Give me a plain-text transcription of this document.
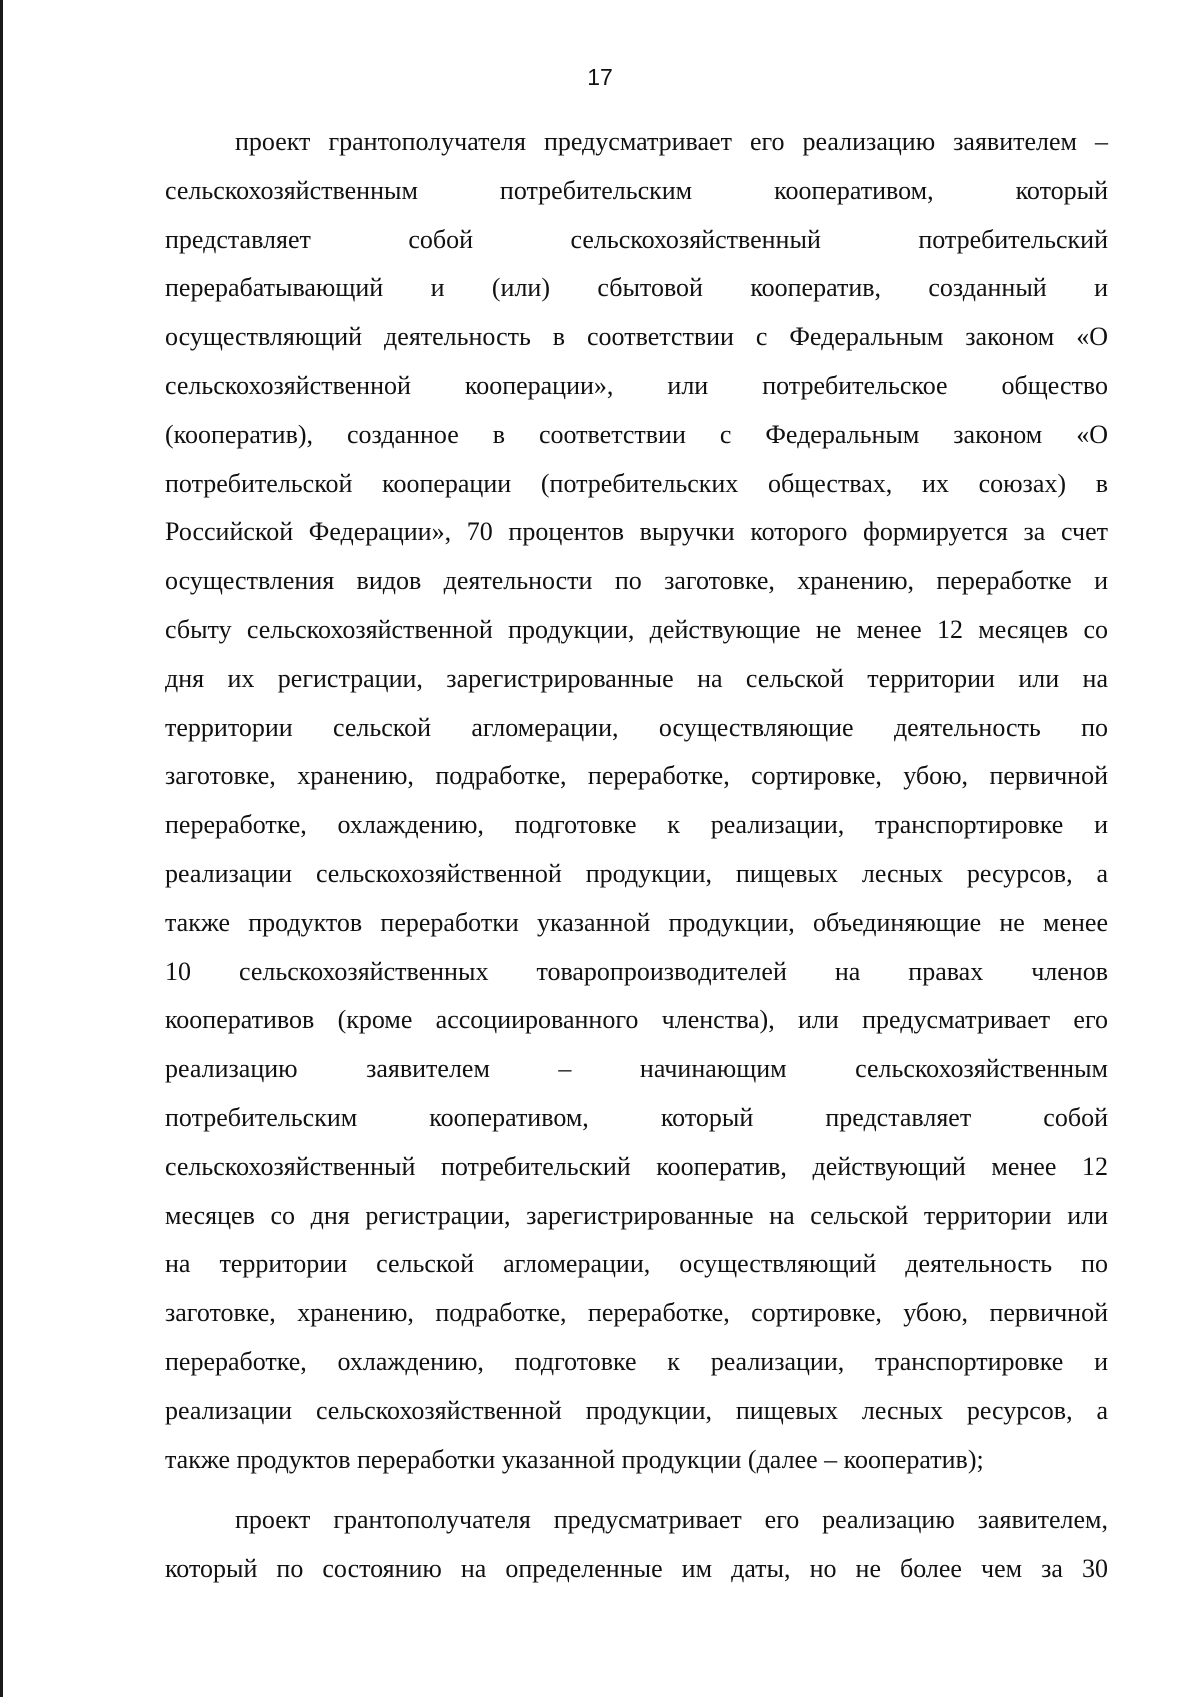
17
проект грантополучателя предусматривает его реализацию заявителем –
сельскохозяйственным потребительским кооперативом, который
представляет собой сельскохозяйственный потребительский
перерабатывающий и (или) сбытовой кооператив, созданный и
осуществляющий деятельность в соответствии с Федеральным законом «О
сельскохозяйственной кооперации», или потребительское общество
(кооператив), созданное в соответствии с Федеральным законом «О
потребительской кооперации (потребительских обществах, их союзах) в
Российской Федерации», 70 процентов выручки которого формируется за счет
осуществления видов деятельности по заготовке, хранению, переработке и
сбыту сельскохозяйственной продукции, действующие не менее 12 месяцев со
дня их регистрации, зарегистрированные на сельской территории или на
территории сельской агломерации, осуществляющие деятельность по
заготовке, хранению, подработке, переработке, сортировке, убою, первичной
переработке, охлаждению, подготовке к реализации, транспортировке и
реализации сельскохозяйственной продукции, пищевых лесных ресурсов, а
также продуктов переработки указанной продукции, объединяющие не менее
10 сельскохозяйственных товаропроизводителей на правах членов
кооперативов (кроме ассоциированного членства), или предусматривает его
реализацию заявителем – начинающим сельскохозяйственным
потребительским кооперативом, который представляет собой
сельскохозяйственный потребительский кооператив, действующий менее 12
месяцев со дня регистрации, зарегистрированные на сельской территории или
на территории сельской агломерации, осуществляющий деятельность по
заготовке, хранению, подработке, переработке, сортировке, убою, первичной
переработке, охлаждению, подготовке к реализации, транспортировке и
реализации сельскохозяйственной продукции, пищевых лесных ресурсов, а
также продуктов переработки указанной продукции (далее – кооператив);
проект грантополучателя предусматривает его реализацию заявителем,
который по состоянию на определенные им даты, но не более чем за 30
